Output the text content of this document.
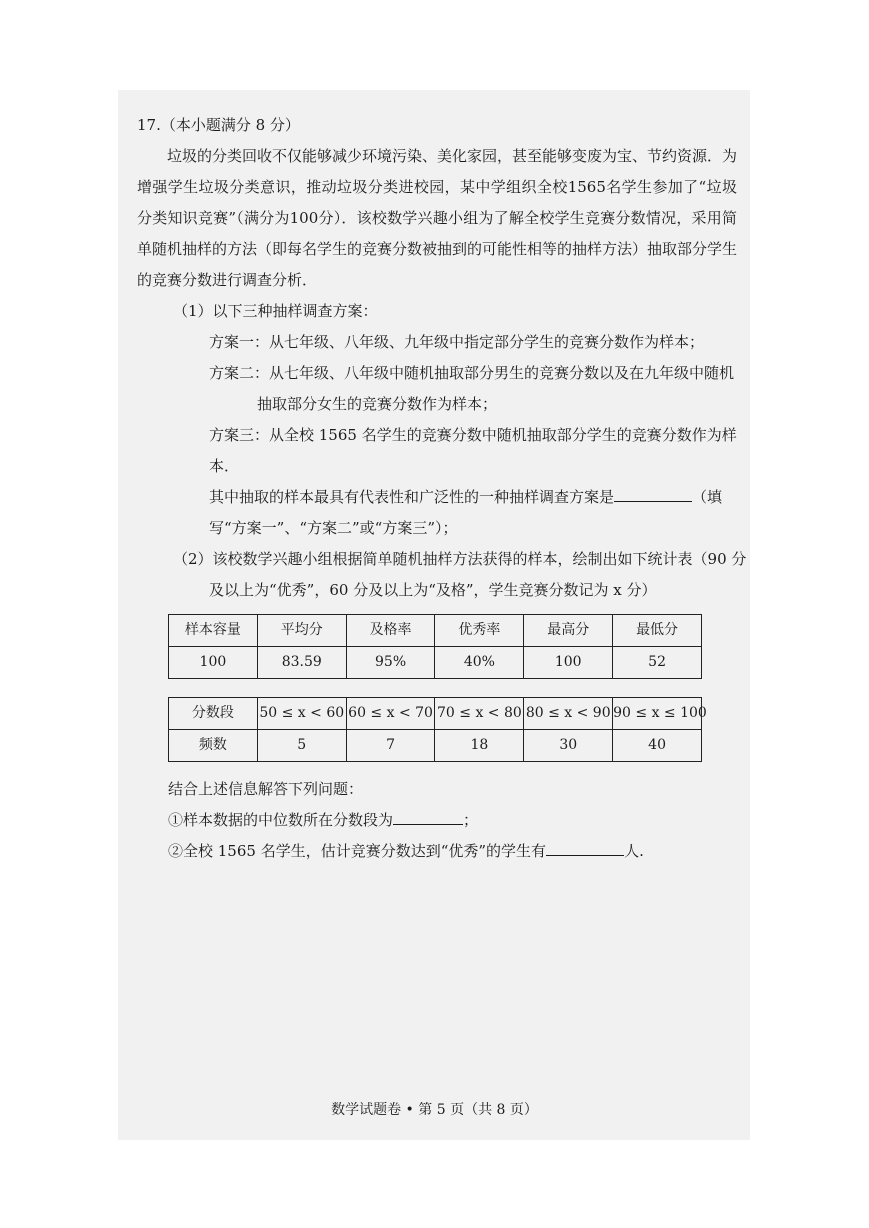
17.（本小题满分 8 分）

垃圾的分类回收不仅能够减少环境污染、美化家园，甚至能够变废为宝、节约资源．为增强学生垃圾分类意识，推动垃圾分类进校园，某中学组织全校1565名学生参加了“垃圾分类知识竞赛”（满分为100分）．该校数学兴趣小组为了解全校学生竞赛分数情况，采用简单随机抽样的方法（即每名学生的竞赛分数被抽到的可能性相等的抽样方法）抽取部分学生的竞赛分数进行调查分析．

（1）以下三种抽样调查方案：
方案一：从七年级、八年级、九年级中指定部分学生的竞赛分数作为样本；
方案二：从七年级、八年级中随机抽取部分男生的竞赛分数以及在九年级中随机抽取部分女生的竞赛分数作为样本；
方案三：从全校 1565 名学生的竞赛分数中随机抽取部分学生的竞赛分数作为样本．
其中抽取的样本最具有代表性和广泛性的一种抽样调查方案是	（填写“方案一”、“方案二”或“方案三”）；
（2）该校数学兴趣小组根据简单随机抽样方法获得的样本，绘制出如下统计表（90 分
及以上为“优秀”，60 分及以上为“及格”，学生竞赛分数记为 x 分）
样本容量	平均分	及格率	优秀率	最高分	最低分
100	83.59	95%	40%	100	52
分数段	50 ≤ x < 60	60 ≤ x < 70	70 ≤ x < 80	80 ≤ x < 90	90 ≤ x ≤ 100
频数	5	7	18	30	40
结合上述信息解答下列问题：
①样本数据的中位数所在分数段为	；
②全校 1565 名学生，估计竞赛分数达到“优秀”的学生有	人.
数学试题卷 • 第 5 页（共 8 页）
